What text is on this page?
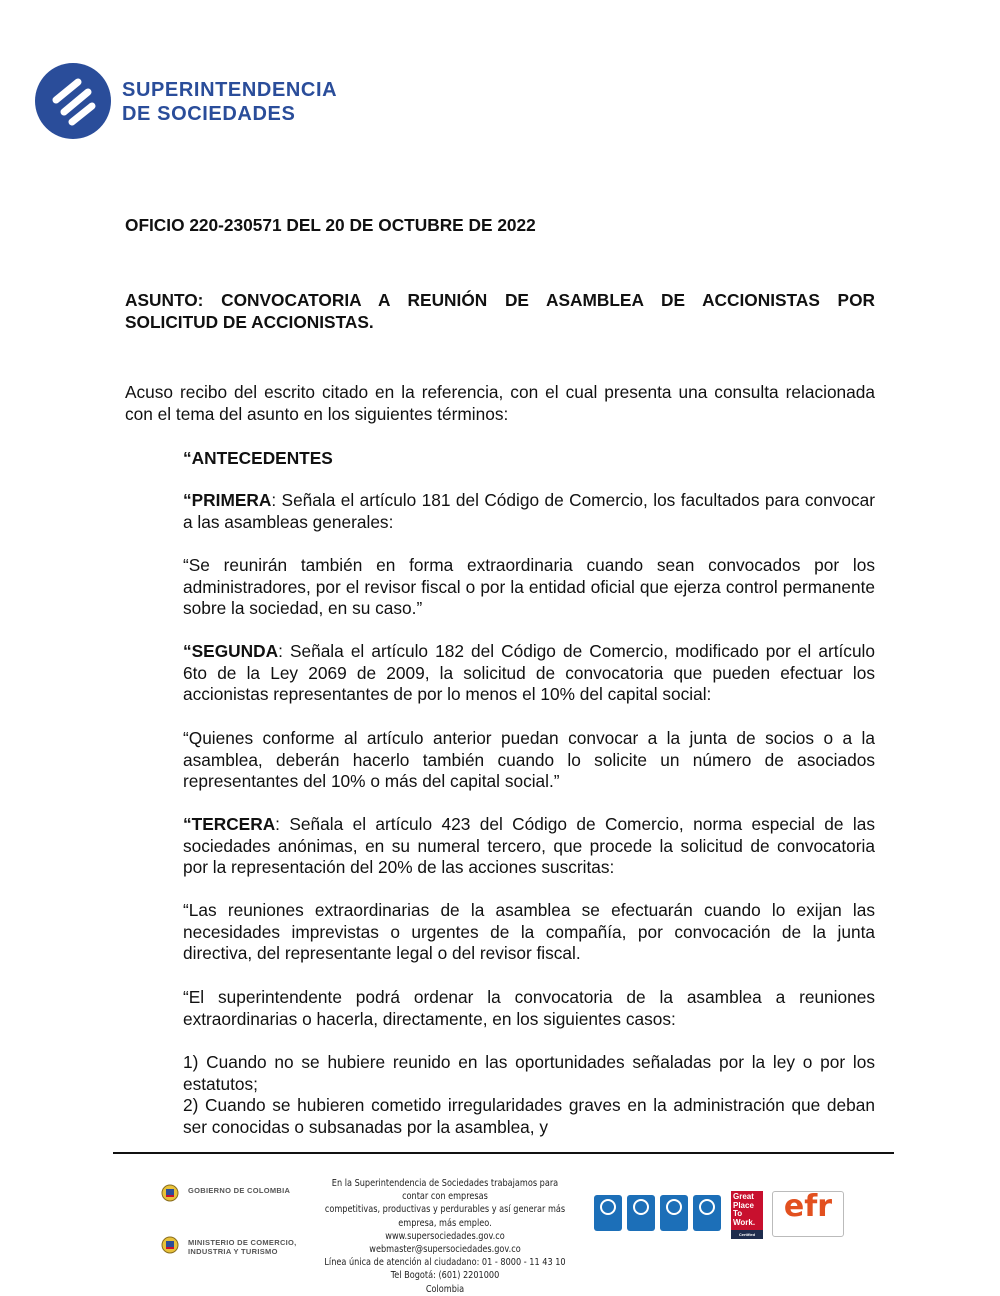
SUPERINTENDENCIA
DE SOCIEDADES

OFICIO 220-230571 DEL 20 DE OCTUBRE DE 2022

ASUNTO: CONVOCATORIA A REUNIÓN DE ASAMBLEA DE ACCIONISTAS POR

SOLICITUD DE ACCIONISTAS.

Acuso recibo del escrito citado en la referencia, con el cual presenta una consulta relacionada con el tema del asunto en los siguientes términos:

“ANTECEDENTES

“PRIMERA: Señala el artículo 181 del Código de Comercio, los facultados para convocar a las asambleas generales:

“Se reunirán también en forma extraordinaria cuando sean convocados por los administradores, por el revisor fiscal o por la entidad oficial que ejerza control permanente sobre la sociedad, en su caso.”

“SEGUNDA: Señala el artículo 182 del Código de Comercio, modificado por el artículo 6to de la Ley 2069 de 2009, la solicitud de convocatoria que pueden efectuar los accionistas representantes de por lo menos el 10% del capital social:

“Quienes conforme al artículo anterior puedan convocar a la junta de socios o a la asamblea, deberán hacerlo también cuando lo solicite un número de asociados representantes del 10% o más del capital social.”

“TERCERA: Señala el artículo 423 del Código de Comercio, norma especial de las sociedades anónimas, en su numeral tercero, que procede la solicitud de convocatoria por la representación del 20% de las acciones suscritas:

“Las reuniones extraordinarias de la asamblea se efectuarán cuando lo exijan las necesidades imprevistas o urgentes de la compañía, por convocación de la junta directiva, del representante legal o del revisor fiscal.

“El superintendente podrá ordenar la convocatoria de la asamblea a reuniones extraordinarias o hacerla, directamente, en los siguientes casos:

1) Cuando no se hubiere reunido en las oportunidades señaladas por la ley o por los estatutos;

2) Cuando se hubieren cometido irregularidades graves en la administración que deban ser conocidas o subsanadas por la asamblea, y

GOBIERNO DE COLOMBIA
MINISTERIO DE COMERCIO, INDUSTRIA Y TURISMO
En la Superintendencia de Sociedades trabajamos para contar con empresas
competitivas, productivas y perdurables y así generar más empresa, más empleo.
www.supersociedades.gov.co
webmaster@supersociedades.gov.co
Línea única de atención al ciudadano: 01 - 8000 - 11 43 10
Tel Bogotá: (601) 2201000
Colombia
Great Place To Work.
Certified
efr
